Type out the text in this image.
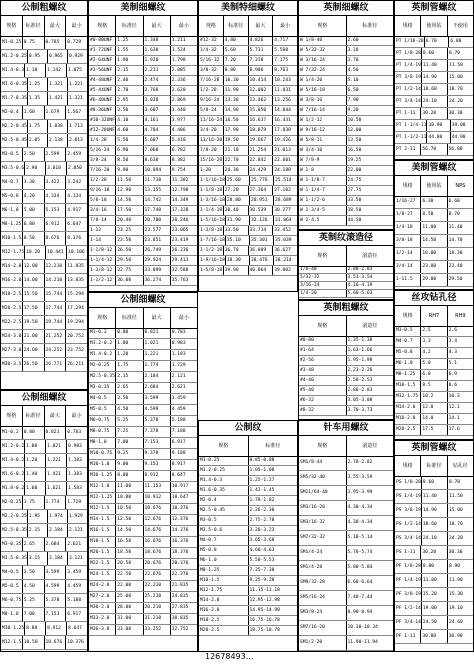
公制粗螺纹
规格	标准径	最大	最小
M1-0.25 0.75	0.785	0.729
M1.2-0.25 0.95	0.965	0.929
M1.4-0.3 1.10	1.142	1.075
M1.6-0.35 1.25	1.321	1.221
M1.7-0.35 1.35	1.421	1.321
M2-0.4	1.60	1.679	1.567
M2.2-0.45 1.75	1.838	1.713
M2.5-0.45 2.05	2.138	2.013
M3-0.5	2.50	2.599	2.459
M3.5-0.6 2.90	3.010	2.850
M4-0.7	3.30	3.422	3.242
M5-0.8	4.20	4.334	4.134
M6-1.0	5.00	5.153	4.917
M8-1.25 6.80	6.912	6.647
M10-1.5 8.50	8.676	8.376
M12-1.75 10.20	10.441 10.106
M14-2.0 12.00	12.210	11.835
M16-2.0 14.00	14.210	13.835
M18-2.5 15.50	15.744	15.294
M20-2.5 17.50	17.744	17.294
M22-2.5 19.50	19.744	19.294
M24-3.0 21.00	21.252	20.752
M27-3.0 24.00	24.252	23.752
M30-3.5 26.50	26.771	26.211
公制细螺纹
规格	标准径	最大	最小
M1-0.2	0.80	0.821	0.783
M1.2-0.2 1.00	1.021	0.983
M1.4-0.2 1.20	1.221	1.183
M1.6-0.2 1.40	1.421	1.383
M1.8-0.2 1.60	1.621	1.583
M2-0.25 1.75	1.774	1.729
M2.2-0.25 1.95	1.974	1.929
M2.5-0.35 2.15	2.184	2.121
M3-0.35 2.65	2.684	2.621
M3.5-0.35 3.15	3.184	3.121
M4-0.5	3.50	3.599	3.459
M5-0.5	4.50	4.599	4.459
M6-0.75 5.25	5.378	5.188
M8-1.0	7.00	7.153	6.917
M10-1.25 8.80	8.912	8.647
M12-1.5 10.50	10.676	10.376
美制细螺纹
规格	标准径	最大	最小
#0-80UNF	1.25	1.348	1.211
#1-72UNF	1.55	1.630	1.524
#2-64UNF	1.90	1.920	1.798
#3-56UNF	2.15	2.211	2.085
#4-48UNF	2.40	2.474	2.336
#5-44UNF	2.70	2.768	2.620
#6-40UNF	2.95	3.038	2.869
#8-36UNF	3.50	3.607	3.440
#10-32UNF 4.10	4.161	3.977
#12-28UNF 4.60	4.704	4.486
1/4-28	5.50	5.607	5.410
5/16-24	6.90	7.060	6.782
3/8-24	8.50	8.638	8.382
7/16-20	9.90	10.094	9.754
1/2-20	11.50	11.710	11.382
9/16-18	12.90	13.155	12.798
5/8-18	14.50	14.742	14.349
3/4-16	17.50	17.740	17.328
7/8-14	20.40	20.700	20.246
1-12	23.25	23.577	23.065
1-14	23.50	23.851	23.419
1-1/8-12	26.50	26.749	26.236
1-1/4-12	29.50	29.924	29.413
1-3/8-12	32.75	33.099	32.588
1-1/2-12	36.00	36.274	35.763
公制细螺纹
规格	标准径	最大	最小
M1-0.2	0.80	0.821	0.783
M1.2-0.2	1.00	1.021	0.983
M1.4-0.2	1.20	1.221	1.183
M2-0.25	1.75	1.774	1.729
M2.5-0.35 2.15	2.184	2.121
M3-0.35	2.65	2.684	2.621
M4-0.5	3.50	3.599	3.459
M5-0.5	4.50	4.599	4.459
M6-0.75	5.25	5.378	5.188
M8-0.75	7.25	7.378	7.188
M8-1.0	7.00	7.153	6.917
M10-0.75	9.25	9.378	9.188
M10-1.0	9.00	9.153	8.917
M10-1.25	8.80	8.912	8.647
M12-1.0	11.00	11.153	10.917
M12-1.25	10.80	10.912	10.647
M12-1.5	10.50	10.676	10.376
M14-1.5	12.50	12.676	12.376
M16-1.5	14.50	14.676	14.376
M18-1.5	16.50	16.676	16.376
M20-1.5	18.50	18.676	18.376
M22-1.5	20.50	20.676	20.376
M24-1.5	22.50	22.676	22.376
M24-2.0	22.00	22.210	21.835
M27-2.0	25.00	25.210	24.835
M30-2.0	28.00	28.210	27.835
M33-2.0	31.00	31.210	30.835
M36-3.0	33.00	33.252	32.752
美制特细螺纹
规格	标准径	最大	最小
#12-32	4.80	4.826	4.717
1/4-32	5.60	5.731	5.588
5/16-32	7.20	7.318	7.175
3/8-32	8.80	8.906	8.763
7/16-28	10.30	10.414	10.243
1/2-28	11.90	12.002	11.831
9/16-24	13.30	13.462	13.256
5/8-24	14.90	15.050	14.844
11/16-24 16.50	16.637	16.431
3/4-20	17.90	18.079	17.838
13/16-20 19.50	19.667	19.426
7/8-20	21.10	21.254	21.013
15/16-20 22.70	22.842	22.601
1-20	24.30	24.429	24.188
1-1/16-18 25.60	25.776	25.514
1-1/8-18 27.20	27.364	27.102
1-3/16-18 28.80	28.951	28.689
1-1/4-18 30.40	30.539	30.277
1-5/16-18 31.90	32.126	31.864
1-3/8-18 33.50	33.714	33.452
1-7/16-18 35.10	35.301	35.039
1-1/2-18 36.70	36.889	36.627
1-9/16-18 38.30	38.476	38.214
1-5/8-18 39.90	40.064	39.802
公制纹
规格	标准径
M1-0.25	0.85-0.88
M1.2-0.25	1.05-1.08
M1.4-0.3	1.25-1.27
M1.6-0.35	1.42-1.45
M2-0.4	1.78-1.82
M2.5-0.45	2.26-2.30
M3-0.5	2.75-2.78
M3.5-0.6	3.20-3.23
M4-0.7	3.65-3.68
M5-0.8	4.60-4.63
M6-1.0	5.50-5.53
M8-1.25	7.35-7.38
M10-1.5	9.25-9.28
M12-1.75	11.15-11.18
M14-2.0	12.95-12.98
M16-2.0	14.95-14.98
M18-2.5	16.75-16.78
M20-2.5	18.75-18.78
英制细螺纹
规格	标准径
W 1/8-40	2.60
W 5/32-32	3.20
W 3/16-24	3.70
W 7/32-24	4.50
W 1/4-20	5.10
W 5/16-18	6.50
W 3/8-16	7.90
W 7/16-14	9.20
W 1/2-12	10.50
W 9/16-12	12.00
W 5/8-11	13.50
W 3/4-10	16.50
W 7/8-9	19.25
W 1-8	22.00
W 1-1/8-7	24.75
W 1-1/4-7	27.75
W 1-1/2-6	33.50
W 1-3/4-5	38.50
W 2-4.5	44.50
英制纹滚造径
规格	滚造径
1/8-40	2.80-2.83
5/32-32	3.51-3.54
3/16-24	4.16-4.19
1/4-20	5.60-5.63
英制粗螺纹
规格	滚造径
#0-80	1.35-1.38
#1-64	1.63-1.66
#2-56	1.95-1.98
#3-48	2.23-2.26
#4-40	2.50-2.53
#5-40	2.80-2.83
#6-32	3.05-3.08
#8-32	3.70-3.73
英制管螺纹
规格	使用钻	不使用
PT 1/16-28 6.70	6.80
PT 1/8-28 8.60	8.70
PT 1/4-19 11.40	11.50
PT 3/8-19 14.90	15.00
PT 1/2-14 18.60	18.70
PT 3/4-14 24.10	24.20
PT 1-11	30.20	30.30
PT 1-1/4-11 38.90	39.00
PT 1-1/2-11 44.80	44.90
PT 2-11	56.70	56.80
美制管螺纹
规格	使用钻	NPS
1/16-27	6.30	6.60
1/8-27	8.50	8.70
1/4-18	11.00	11.40
3/8-18	14.50	14.70
1/2-14	18.00	18.30
3/4-14	23.00	23.40
1-11.5	29.00	29.50
丝攻钻孔径
规格	RH7	RH9
M3-0.5	2.5	2.6
M4-0.7	3.3	3.4
M5-0.8	4.2	4.3
M6-1.0	5.0	5.1
M8-1.25	6.8	6.9
M10-1.5	8.5	8.6
M12-1.75 10.2	10.3
M14-2.0	12.0	12.1
M16-2.0	14.0	14.1
M20-2.5	17.5	17.6
针车用螺纹
规格	滚造径
SM1/8-44	2.78-2.82
SM5/32-40	3.55-3.59
SM11/64-40	3.95-3.99
SM3/16-28	4.30-4.34
SM3/16-32	4.30-4.34
SM7/32-32	5.10-5.14
SM1/4-24	5.70-5.74
SM1/4-28	5.80-5.84
SM9/32-28	6.60-6.64
SM5/16-24	7.40-7.44
SM3/8-24	8.90-8.94
SM7/16-20	10.30-10.34
SM1/2-20	11.90-11.94
英制管螺纹
规格	标准径	钻孔径
PS 1/8-28 8.60	8.70
PS 1/4-19 11.40	11.50
PS 3/8-19 14.90	15.00
PS 1/2-14 18.60	18.70
PS 3/4-14 24.10	24.20
PS 1-11	30.20	30.30
PF 1/8-28 8.80	8.90
PF 1/4-19 11.80	11.90
PF 3/8-19 15.20	15.30
PF 1/2-14 19.00	19.10
PF 3/4-14 24.50	24.60
PF 1-11	30.80	30.90
12678493...
